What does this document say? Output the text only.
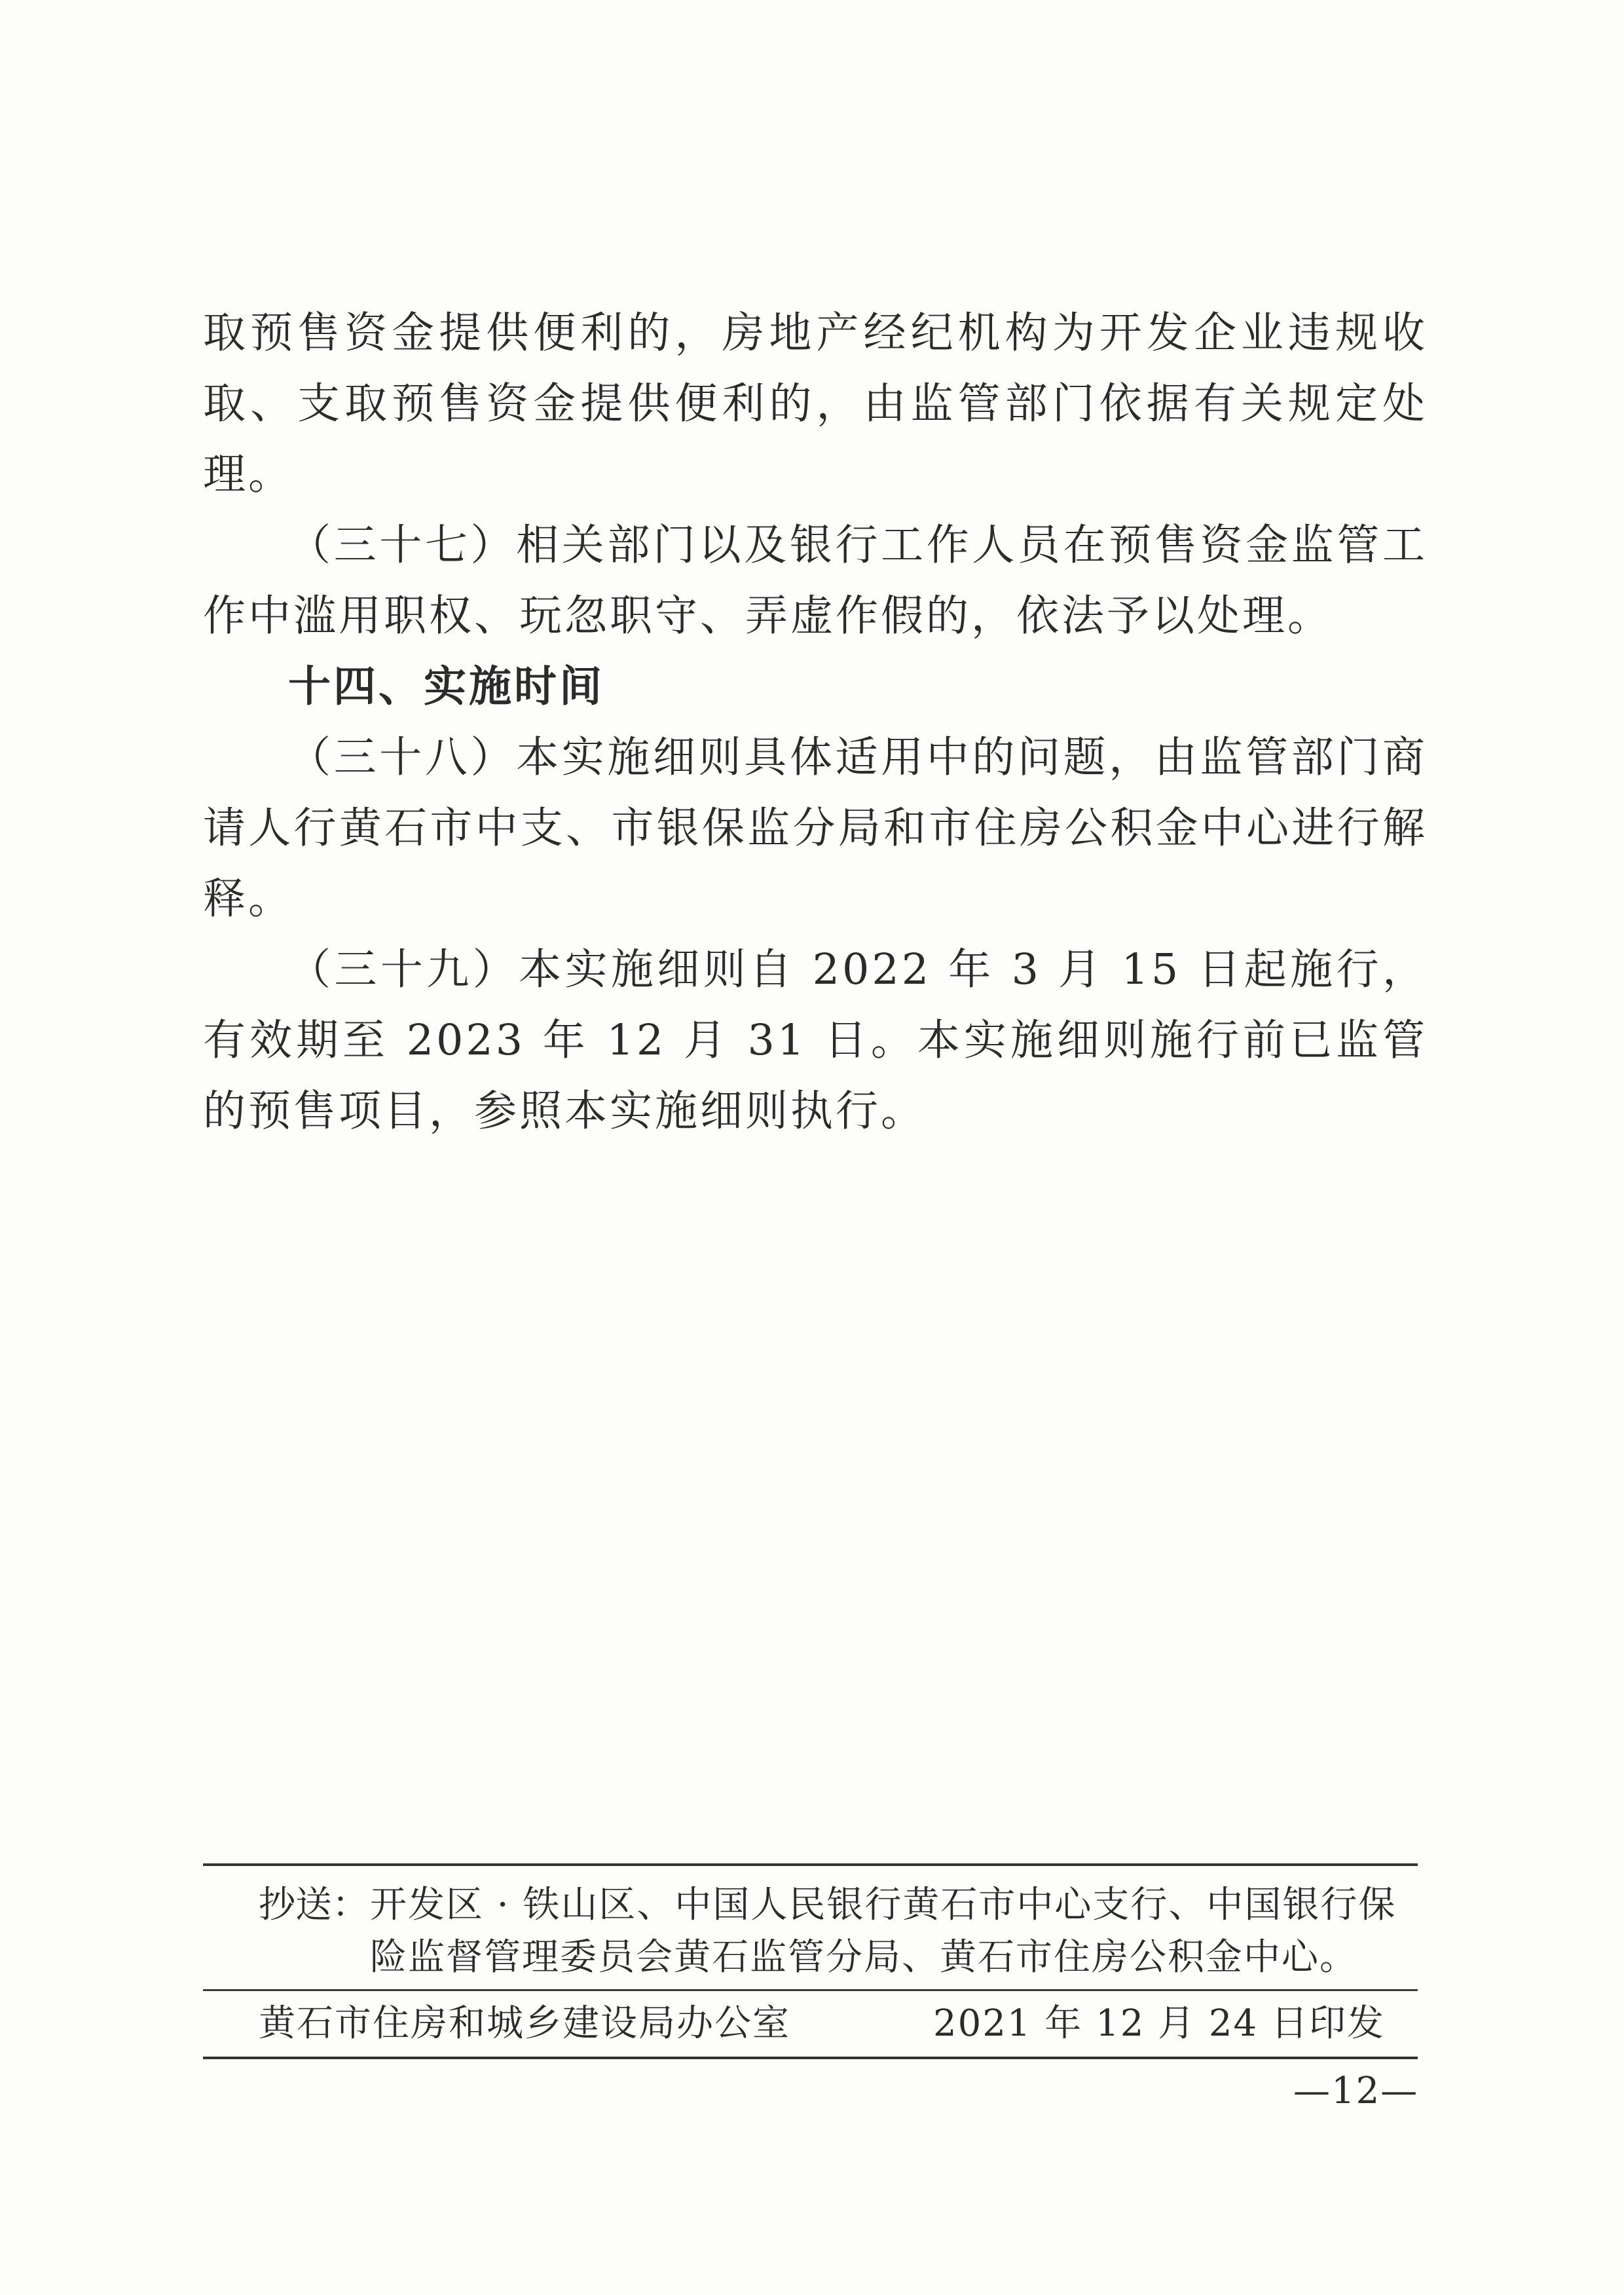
取预售资金提供便利的，房地产经纪机构为开发企业违规收取、支取预售资金提供便利的，由监管部门依据有关规定处理。

（三十七）相关部门以及银行工作人员在预售资金监管工作中滥用职权、玩忽职守、弄虚作假的，依法予以处理。

十四、实施时间

（三十八）本实施细则具体适用中的问题，由监管部门商请人行黄石市中支、市银保监分局和市住房公积金中心进行解释。

（三十九）本实施细则自 2022 年 3 月 15 日起施行，有效期至 2023 年 12 月 31 日。本实施细则施行前已监管的预售项目，参照本实施细则执行。

抄送： 开发区 · 铁山区、中国人民银行黄石市中心支行、中国银行保险监督管理委员会黄石监管分局、黄石市住房公积金中心。
黄石市住房和城乡建设局办公室	2021 年 12 月 24 日印发
—12—
